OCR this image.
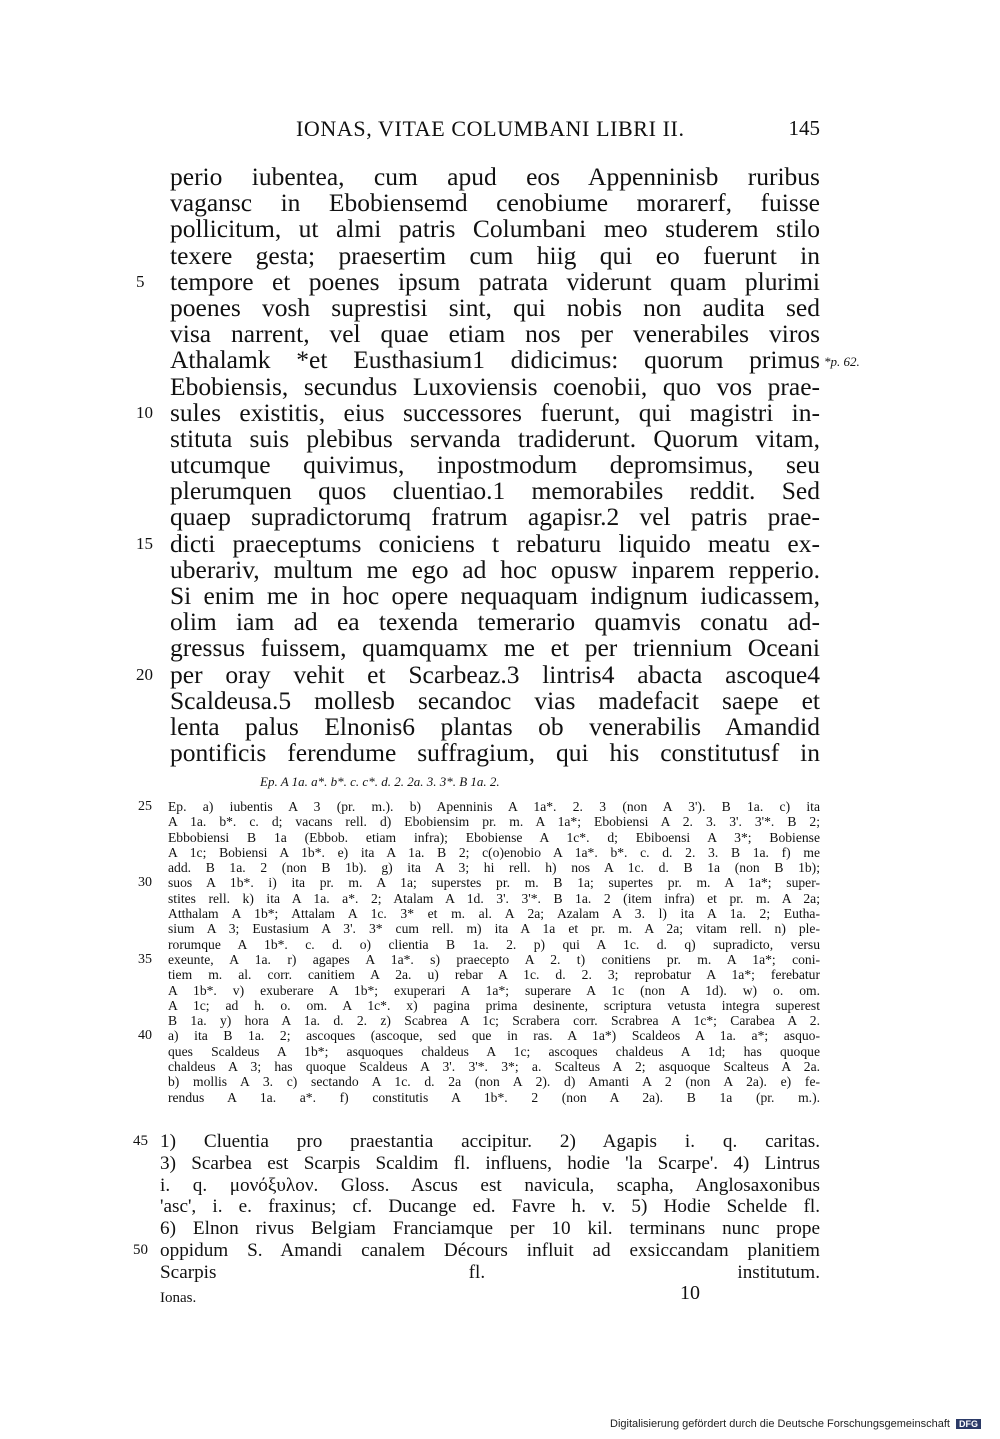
IONAS, VITAE COLUMBANI LIBRI II.	145
perio iubentea, cum apud eos Appenninisb ruribus
vagansc in Ebobiensemd cenobiume morarerf, fuisse
pollicitum, ut almi patris Columbani meo studerem stilo
texere gesta; praesertim cum hiig qui eo fuerunt in
5 tempore et poenes ipsum patrata viderunt quam plurimi
poenes vosh suprestisi sint, qui nobis non audita sed
visa narrent, vel quae etiam nos per venerabiles viros
Athalamk *et Eusthasium1 didicimus: quorum primus *p. 62.
Ebobiensis, secundus Luxoviensis coenobii, quo vos prae-
10 sules existitis, eius successores fuerunt, qui magistri in-
stituta suis plebibus servanda tradiderunt. Quorum vitam,
utcumque quivimus, inpostmodum depromsimus, seu
plerumquen quos cluentiao.1 memorabiles reddit. Sed
quaep supradictorumq fratrum agapisr.2 vel patris prae-
15 dicti praeceptums coniciens t rebaturu liquido meatu ex-
uberariv, multum me ego ad hoc opusw inparem repperio.
Si enim me in hoc opere nequaquam indignum iudicassem,
olim iam ad ea texenda temerario quamvis conatu ad-
gressus fuissem, quamquamx me et per triennium Oceani
20 per oray vehit et Scarbeaz.3 lintris4 abacta ascoque4
Scaldeusa.5 mollesb secandoc vias madefacit saepe et
lenta palus Elnonis6 plantas ob venerabilis Amandid
pontificis ferendume suffragium, qui his constitutusf in
Ep. A 1a. a*. b*. c. c*. d. 2. 2a. 3. 3*. B 1a. 2.
25 Ep. a) iubentis A 3 (pr. m.). b) Apenninis A 1a*. 2. 3 (non A 3'). B 1a. c) ita
A 1a. b*. c. d; vacans rell. d) Ebobiensim pr. m. A 1a*; Ebobiensi A 2. 3. 3'. 3'*. B 2;
Ebbobiensi B 1a (Ebbob. etiam infra); Ebobiense A 1c*. d; Ebiboensi A 3*; Bobiense
A 1c; Bobiensi A 1b*. e) ita A 1a. B 2; c(o)enobio A 1a*. b*. c. d. 2. 3. B 1a. f) me
add. B 1a. 2 (non B 1b). g) ita A 3; hi rell. h) nos A 1c. d. B 1a (non B 1b);
30 suos A 1b*. i) ita pr. m. A 1a; superstes pr. m. B 1a; supertes pr. m. A 1a*; super-
stites rell. k) ita A 1a. a*. 2; Atalam A 1d. 3'. 3'*. B 1a. 2 (item infra) et pr. m. A 2a;
Atthalam A 1b*; Attalam A 1c. 3* et m. al. A 2a; Azalam A 3. l) ita A 1a. 2; Eutha-
sium A 3; Eustasium A 3'. 3* cum rell. m) ita A 1a et pr. m. A 2a; vitam rell. n) ple-
rorumque A 1b*. c. d. o) clientia B 1a. 2. p) qui A 1c. d. q) supradicto, versu
35 exeunte, A 1a. r) agapes A 1a*. s) praecepto A 2. t) conitiens pr. m. A 1a*; coni-
tiem m. al. corr. canitiem A 2a. u) rebar A 1c. d. 2. 3; reprobatur A 1a*; ferebatur
A 1b*. v) exuberare A 1b*; exuperari A 1a*; superare A 1c (non A 1d). w) o. om.
A 1c; ad h. o. om. A 1c*. x) pagina prima desinente, scriptura vetusta integra superest
B 1a. y) hora A 1a. d. 2. z) Scabrea A 1c; Scrabera corr. Scrabrea A 1c*; Carabea A 2.
40 a) ita B 1a. 2; ascoques (ascoque, sed que in ras. A 1a*) Scaldeos A 1a. a*; asquo-
ques Scaldeus A 1b*; asquoques chaldeus A 1c; ascoques chaldeus A 1d; has quoque
chaldeus A 3; has quoque Scaldeus A 3'. 3'*. 3*; a. Scalteus A 2; asquoque Scalteus A 2a.
b) mollis A 3. c) sectando A 1c. d. 2a (non A 2). d) Amanti A 2 (non A 2a). e) fe-
rendus A 1a. a*. f) constitutis A 1b*. 2 (non A 2a). B 1a (pr. m.).
45 1) Cluentia pro praestantia accipitur. 2) Agapis i. q. caritas.
3) Scarbea est Scarpis Scaldim fl. influens, hodie 'la Scarpe'. 4) Lintrus
i. q. μονόξυλον. Gloss. Ascus est navicula, scapha, Anglosaxonibus
'asc', i. e. fraxinus; cf. Ducange ed. Favre h. v. 5) Hodie Schelde fl.
6) Elnon rivus Belgiam Franciamque per 10 kil. terminans nunc prope
50 oppidum S. Amandi canalem Décours influit ad exsiccandam planitiem
Scarpis fl. institutum.
Ionas.	10
Digitalisierung gefördert durch die Deutsche Forschungsgemeinschaft DFG
